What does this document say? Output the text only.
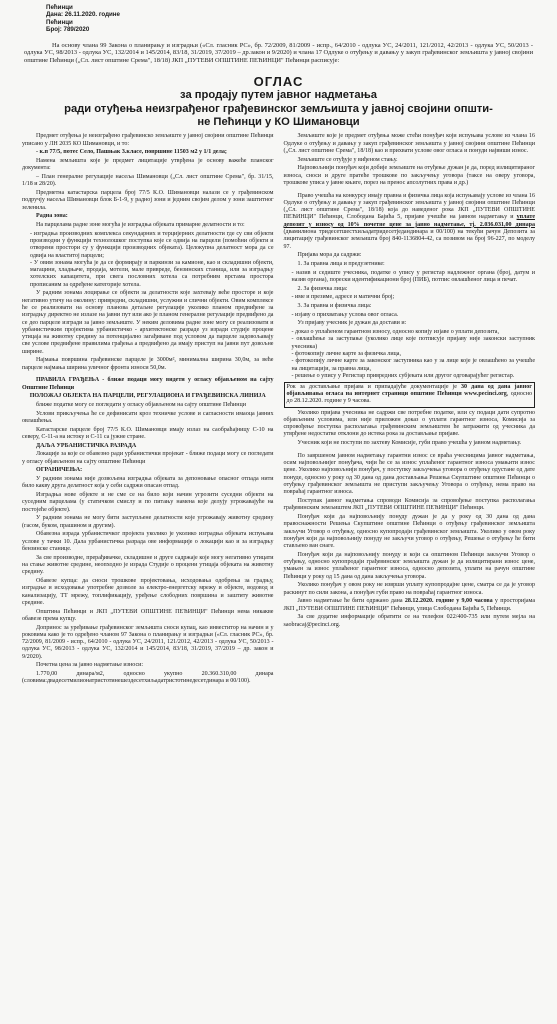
Пећинци
Дана: 26.11.2020. године
Пећинци
Број: 789/2020

На основу члана 99 Закона о планирању и изградњи («Сл. гласник РС», бр. 72/2009, 81/2009 - испр., 64/2010 - одлука УС, 24/2011, 121/2012, 42/2013 - одлука УС, 50/2013 - одлука УС, 98/2013 - одлука УС, 132/2014 и 145/2014, 83/18, 31/2019, 37/2019 – др.закон и 9/2020) и члана 17 Одлуке о отуђењу и давању у закуп грађевинског земљишта у јавној својини општине Пећинци („Сл. лист општине Срема", 18/18) ЈКП „ПУТЕВИ ОПШТИНЕ ПЕЋИНЦИ" Пећинци расписује:

ОГЛАС
за продају путем јавног надметања
ради отуђења неизграђеног грађевинског земљишта у јавној својини општи-
не Пећинци у КО Шимановци

Предмет отуђења је неизграђено грађевинско земљиште у јавној својини општине Пећинци уписано у ЛН 2035 КО Шимановци, и то:

- к.п 77/5, потес Село, Пашњак 3.класе, површине 11503 м2 у 1/1 дела;

Намена земљишта које је предмет лицитације утврђена је основу важеће планског документа:

– План генералне регулације насеља Шимановци („Сл. лист општине Срема", бр. 31/15, 1/18 и 28/20).

Предметна катастарска парцела број 77/5 К.О. Шимановци налази се у грађевинском подручју насеља Шимановци блок Б-1-9, у радној зони и једним својим делом у зони заштитног зеленила.

Радна зона:

На парцелама радне зоне могућа је изградња објеката примарне делатности и то:

- изградња производних комплекса секундарних и терцијерних делатности где су сви објекти производни у функцији технолошког поступка које се одвија на парцели (помоћни објекти и отворени простори су у функцији производних објеката). Целокупна делатност мора да се одвија на властитој парцели;
- У овим зонама могућа је да се формирају и паркинзи за камионе, као и складишни објекти, магацини, хладњаче, продаја, мотели, мале привреде, бензинских станица, или за изградњу хотелских капацитета, при свега пословних хотела са потребним врстама простора прописаним за одређене категорије хотела.

У радним зонама лоцирање се објекти за делатности које захтевају веће просторе и које негативно утичу на околину: привредни, складишни, услужни и слични објекти. Овим комплексе ће се реализовати на основу планова детаљне регулације уколико планом предвиђене за изградњу директно не излазе на јавни пут или ако је планом генералне регулације предвиђено да се део парцеле изгради за јавно земљиште. У неким деловима радне зоне могу се реализовати и урбанистичким пројектима урбанистичко - архитектонске разраде уз изради студије процене утицаја на животну средину за потенцијално загађиване под условом да парцеле задовољавају све услове предвиђене правилима грађења а предвиђено да имају приступ на јавни пут довољне ширине.

Најмања површина грађевинске парцеле је 3000м², минимална ширина 30,0м, за веће парцеле најмања ширина уличног фронта износи 50,0м.

ПРАВИЛА ГРАЂЕЊА - ближе подаци могу видети у огласу објављеном на сајту Општине Пећинци

ПОЛОЖАЈ ОБЈЕКТА НА ПАРЦЕЛИ, РЕГУЛАЦИОНА И ГРАЂЕВИНСКА ЛИНИЈА

ближе податке могу се погледати у огласу објављеном на сајту општине Пећинци

Услови прикључења ће се дефинисати кроз техничке услове и сагласности имаоца јавних овлашћења.

Катастарске парцеле број 77/5 К.О. Шимановци имају излаз на саобраћајницу С-10 на северу, С-11-а на истоку и С-11 са јужне стране.

ДАЉА УРБАНИСТИЧКА РАЗРАДА

Локације за које се обавезно ради урбанистички пројекат - ближе подаци могу се погледати у огласу објављеном на сајту општине Пећинци

ОГРАНИЧЕЊА:

У радним зонама није дозвољена изградња објеката за депоновање опасног отпада нити било какву друга делатност која у себи садржи опасан отпад.

Изградња нове објекте и не сме се на било који начин угрозити суседни објекти на суседним парцелама (у статичком смислу и по питању намена које делују угрожавајуће на постојеће објекте).

У радним зонама не могу бити заступљене делатности које угрожавају животну средину (гасом, буком, прашином и другим).

Обавезна изрaда урбанистичког пројекта уколико је уколико изградња објеката испуњава услове у тачки 10. Дала урбанистичка разрада ове информације о локацији као и за изградњу бензинске станице.

За све производне, прерађивачке, складишне и друге садржаје које могу негативно утицати на стање животне средине, неопходно је израда Студије о процени утицаја објеката на животну средину.

Обавезе купца: да сноси трошкове пројектовања, исходовања одобрења за градњу, изградње и исходовање употребне дозволе за електро-енергетску мрежу и објекте, водовод и канализацију, ТТ мрежу, топлификацију, уређење слободних површина и заштиту животне средине.

Општина Пећинци и ЈКП „ПУТЕВИ ОПШТИНЕ ПЕЋИНЦИ" Пећинци нема никакве обавезе према купцу.

Допринос за уређивање грађевинског земљишта сноси купац, као инвеститор на начин и у роковима како је то одређено чланом 97 Закона о планирању и изградњи («Сл. гласник РС», бр. 72/2009, 81/2009 - испр., 64/2010 - одлука УС, 24/2011, 121/2012, 42/2013 - одлука УС, 50/2013 - одлука УС, 98/2013 - одлука УС, 132/2014 и 145/2014, 83/18, 31/2019, 37/2019 – др. закон и 9/2020).

Почетна цена за јавно надметање износи:

1.770,00 динара/м2, односно укупно 20.360.310,00 динара (словима:двадесетмилионатристотинешездесетхиљадатристотинедесетдинара и 00/100).

Земљиште које је предмет отуђења може стећи понуђач који испуњава услове из члана 16 Одлуке о отуђењу и давању у закуп грађевинског земљишта у јавној својини општине Пећинци („Сл. лист општине Срема", 18/18) као и прихвати услове овог огласа и понуди највиши износ.

Земљиште се отуђује у виђеном стању.

Најповољнији понуђач који добије земљиште на отуђење дужан је да, поред излицитираног износа, сноси и друге пратеће трошкове по закључењу уговора (таксе на оверу уговора, трошкове уписа у јавне књиге, порез на пренос апсолутних права и др.)

Право учешћа на конкурсу имају правна и физичка лица која испуњавају услове из члана 16 Одлуке о отуђењу и давању у закуп грађевинског земљишта у јавној својини општине Пећинци („Сл. лист општине Срема", 18/18) која до наведеног рока ЈКП „ПУТЕВИ ОПШТИНЕ ПЕЋИНЦИ" Пећинци, Слободана Бајића 5, пријаве учешће на јавном надметању и уплате депозит у износу од 10% почетне цене за јавно надметање, тј. 2.036.031,00 динара (двамилиона тридесетшестхиљадатридесетједандинара и 00/100) на текући рачун Депозита за лицитацију грађевинског земљишта број 840-1136804-42, са позивом на број 96-227, по моделу 97.

Пријава мора да садржи:

1. За правна лица и предузетнике:

- назив и седиште учесника, податке о упису у регистар надлежног органа (број, датум и назив органа), порески идентификациони број (ПИБ), потпис овлашћеног лица и печат.

2. За физичка лица:

- име и презиме, адресе и матични број;

3. За правна и физичка лица:

- изјаву о прихватању услова овог огласа.

Уз пријаву учесник је дужан да достави и:

- доказ о уплаћеном гарантном износу, односно копију изјаве о уплати депозита,
- овлашћење за заступање (уколико лице које потписује пријаву није законски заступник учесника)
- фотокопију личне карте за физичка лица,
- фотокопију личне карте за законског заступника као у за лице које је овлашћено за учешће на лицитацији, за правна лица,
- решење о упису у Регистар привредних субјеката или другог одговарајућег регистар.
Рок за достављање пријава и припадајуће документације је 30 дана од дана јавног објављивања огласа на интернет страници општине Пећинци www.pecinci.org, односно до 28.12.2020. године у 9 часова.

Уколико пријава учесника не садржи све потребне податке, или су подаци дати супротно објављеним условима, или није приложен доказ о уплати гарантног износа, Комисија за спровођење поступка располагања грађевинским земљиштем ће затражити од учесника да утврђене недостатке отклони до истека рока за достављање пријаве.

Учесник који не поступи по захтеву Комисије, губи право учешћа у јавном надметању.

По завршеном јавном надметању гарантни износ се враћа учесницима јавног надметања, осим најповољнијег понуђача, чији ће се за износ уплаћеног гарантног износа умањити износ цене. Уколико најповољнији понуђач, у поступку закључења уговора о отуђењу одустане од дате понуде, односно у року од 30 дана од дана достављања Решења Скупштине општине Пећинци о отуђењу грађевинског земљишта не приступи закључењу Уговора о отуђењу, нема право на повраћај гарантног износа.

Поступак јавног надметања спроводи Комисија за спровођење поступка располагања грађевинским земљиштем ЈКП „ПУТЕВИ ОПШТИНЕ ПЕЋИНЦИ" Пећинци.

Понуђач који да најповољнију понуду дужан је да у року од 30 дана од дана правоснажности Решења Скупштине општине Пећинци о отуђењу грађевинског земљишта закључи Уговор о отуђењу, односно купопродаји грађевинског земљишта. Уколико у овом року понуђач који да најповољнију понуду не закључи уговор о отуђењу, Решење о отуђењу ће бити стављено ван снаге.

Понуђач који да најповољнију понуду и који са општином Пећинци закључи Уговор о отуђењу, односно купопродаји грађевинског земљишта дужан је да излицитирани износ цене, умањен за износ уплаћеног гарантног износа, односно депозита, уплати на рачун општине Пећинци у року од 15 дана од дана закључења уговора.

Уколико понуђач у овом року не изврши уплату купопродајне цене, сматра се да је уговор раскинут по сили закона, а понуђач губи право на повраћај гарантног износа.

Јавно надметање ће бити одржано дана 28.12.2020. године у 9,00 часова у просторијама ЈКП „ПУТЕВИ ОПШТИНЕ ПЕЋИНЦИ" Пећинци, улица Слободана Бајића 5, Пећинци.

За све додатне информације обратити се на телефон 022/400-735 или путем мејла на saobracaj@pecinci.org.
